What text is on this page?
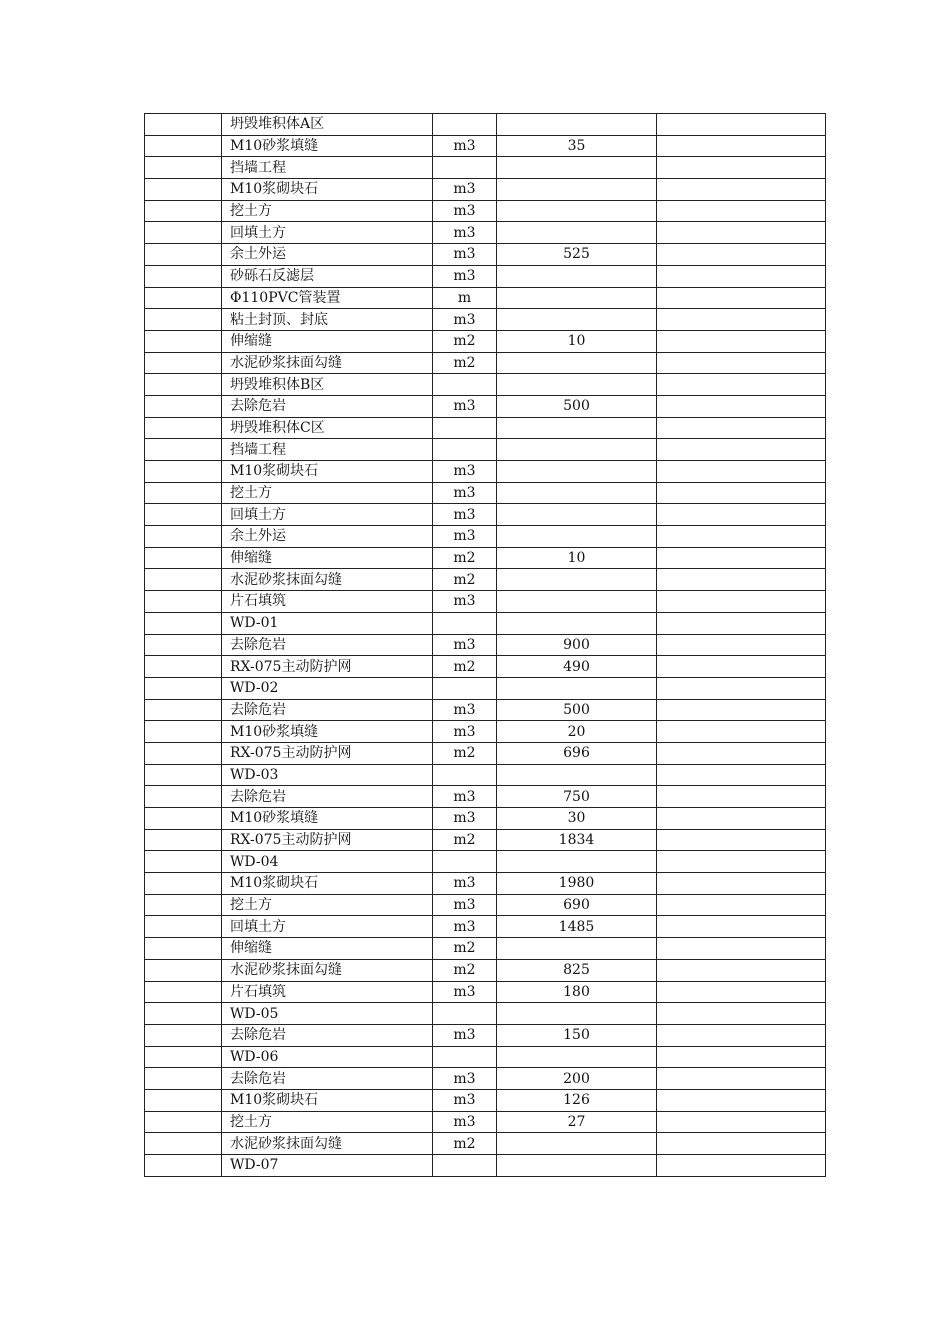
	坍毁堆积体A区			
	M10砂浆填缝	m3	35	
	挡墙工程			
	M10浆砌块石	m3		
	挖土方	m3		
	回填土方	m3		
	余土外运	m3	525	
	砂砾石反滤层	m3		
	Φ110PVC管装置	m		
	粘土封顶、封底	m3		
	伸缩缝	m2	10	
	水泥砂浆抹面勾缝	m2		
	坍毁堆积体B区			
	去除危岩	m3	500	
	坍毁堆积体C区			
	挡墙工程			
	M10浆砌块石	m3		
	挖土方	m3		
	回填土方	m3		
	余土外运	m3		
	伸缩缝	m2	10	
	水泥砂浆抹面勾缝	m2		
	片石填筑	m3		
	WD-01			
	去除危岩	m3	900	
	RX-075主动防护网	m2	490	
	WD-02			
	去除危岩	m3	500	
	M10砂浆填缝	m3	20	
	RX-075主动防护网	m2	696	
	WD-03			
	去除危岩	m3	750	
	M10砂浆填缝	m3	30	
	RX-075主动防护网	m2	1834	
	WD-04			
	M10浆砌块石	m3	1980	
	挖土方	m3	690	
	回填土方	m3	1485	
	伸缩缝	m2		
	水泥砂浆抹面勾缝	m2	825	
	片石填筑	m3	180	
	WD-05			
	去除危岩	m3	150	
	WD-06			
	去除危岩	m3	200	
	M10浆砌块石	m3	126	
	挖土方	m3	27	
	水泥砂浆抹面勾缝	m2		
	WD-07			
